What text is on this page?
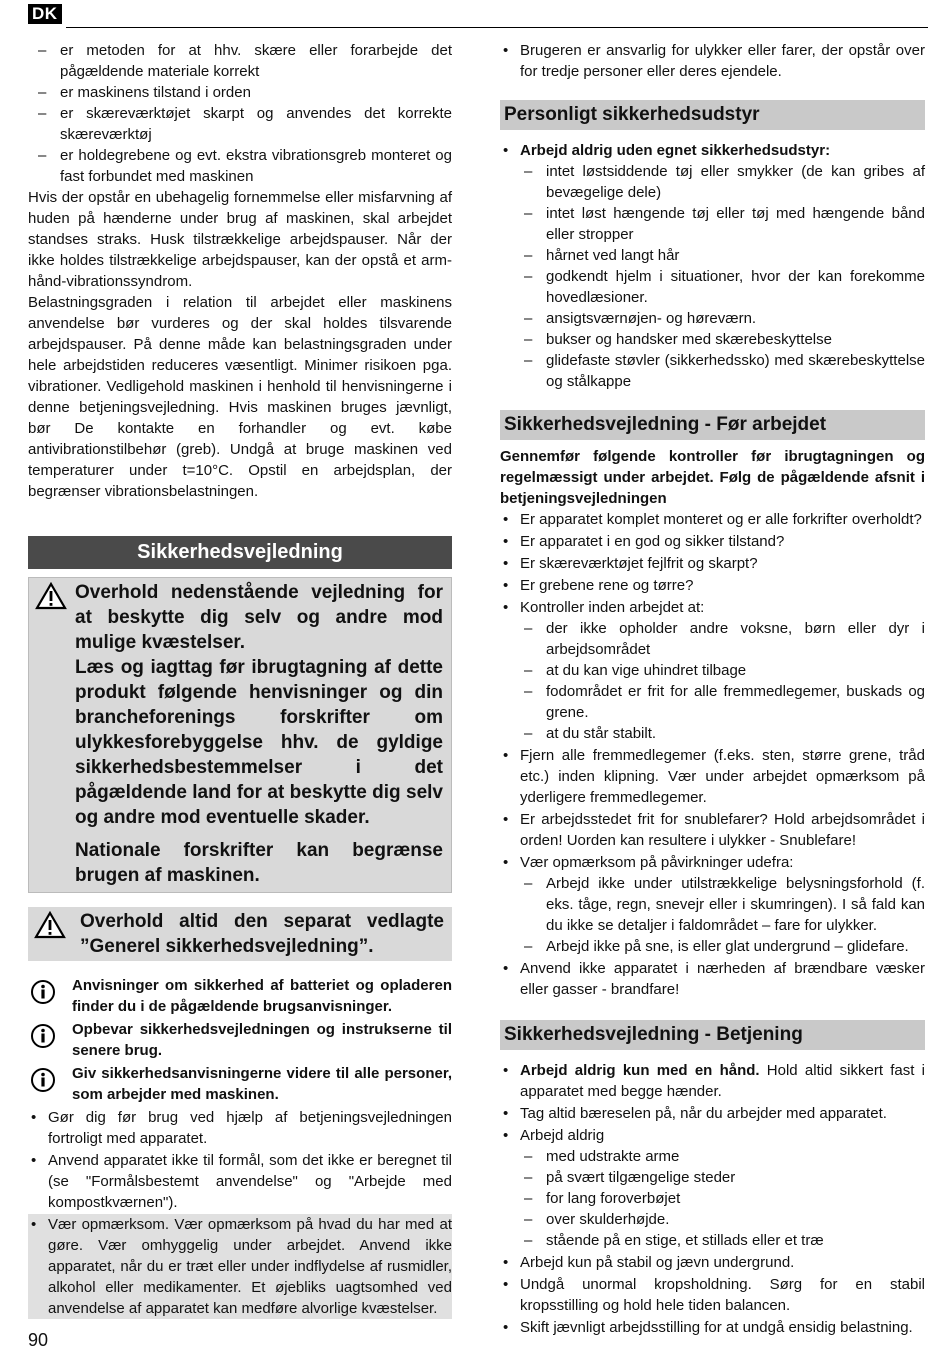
DK
– er metoden for at hhv. skære eller forarbejde det pågældende materiale korrekt
– er maskinens tilstand i orden
– er skæreværktøjet skarpt og anvendes det korrekte skæreværktøj
– er holdegrebene og evt. ekstra vibrationsgreb monteret og fast forbundet med maskinen

Hvis der opstår en ubehagelig fornemmelse eller misfarvning af huden på hænderne under brug af maskinen, skal arbejdet standses straks. Husk tilstrækkelige arbejdspauser. Når der ikke holdes tilstrækkelige arbejdspauser, kan der opstå et arm-hånd-vibrationssyndrom.

Belastningsgraden i relation til arbejdet eller maskinens anvendelse bør vurderes og der skal holdes tilsvarende arbejdspauser. På denne måde kan belastningsgraden under hele arbejdstiden reduceres væsentligt. Minimer risikoen pga. vibrationer. Vedligehold maskinen i henhold til henvisningerne i denne betjeningsvejledning. Hvis maskinen bruges jævnligt, bør De kontakte en forhandler og evt. købe antivibrationstilbehør (greb). Undgå at bruge maskinen ved temperaturer under t=10°C. Opstil en arbejdsplan, der begrænser vibrationsbelastningen.

Sikkerhedsvejledning

Overhold nedenstående vejledning for at beskytte dig selv og andre mod mulige kvæstelser.

Læs og iagttag før ibrugtagning af dette produkt følgende henvisninger og din brancheforenings forskrifter om ulykkesforebyggelse hhv. de gyldige sikkerhedsbestemmelser i det pågældende land for at beskytte dig selv og andre mod eventuelle skader.

Nationale forskrifter kan begrænse brugen af maskinen.

Overhold altid den separat vedlagte ”Generel sikkerhedsvejledning”.

Anvisninger om sikkerhed af batteriet og opladeren finder du i de pågældende brugsanvisninger.
Opbevar sikkerhedsvejledningen og instrukserne til senere brug.
Giv sikkerhedsanvisningerne videre til alle personer, som arbejder med maskinen.
• Gør dig før brug ved hjælp af betjeningsvejledningen fortroligt med apparatet.
• Anvend apparatet ikke til formål, som det ikke er beregnet til (se "Formålsbestemt anvendelse" og "Arbejde med kompostkværnen").
• Vær opmærksom. Vær opmærksom på hvad du har med at gøre. Vær omhyggelig under arbejdet. Anvend ikke apparatet, når du er træt eller under indflydelse af rusmidler, alkohol eller medikamenter. Et øjebliks uagtsomhed ved anvendelse af apparatet kan medføre alvorlige kvæstelser.
• Brugeren er ansvarlig for ulykker eller farer, der opstår over for tredje personer eller deres ejendele.
Personligt sikkerhedsudstyr
• Arbejd aldrig uden egnet sikkerhedsudstyr:
– intet løstsiddende tøj eller smykker (de kan gribes af bevægelige dele)
– intet løst hængende tøj eller tøj med hængende bånd eller stropper
– hårnet ved langt hår
– godkendt hjelm i situationer, hvor der kan forekomme hovedlæsioner.
– ansigtsværnøjen- og høreværn.
– bukser og handsker med skærebeskyttelse
– glidefaste støvler (sikkerhedssko) med skærebeskyttelse og stålkappe
Sikkerhedsvejledning - Før arbejdet

Gennemfør følgende kontroller før ibrugtagningen og regelmæssigt under arbejdet. Følg de pågældende afsnit i betjeningsvejledningen

• Er apparatet komplet monteret og er alle forkrifter overholdt?
• Er apparatet i en god og sikker tilstand?
• Er skæreværktøjet fejlfrit og skarpt?
• Er grebene rene og tørre?
• Kontroller inden arbejdet at:
– der ikke opholder andre voksne, børn eller dyr i arbejdsområdet
– at du kan vige uhindret tilbage
– fodområdet er frit for alle fremmedlegemer, buskads og grene.
– at du står stabilt.
• Fjern alle fremmedlegemer (f.eks. sten, større grene, tråd etc.) inden klipning. Vær under arbejdet opmærksom på yderligere fremmedlegemer.
• Er arbejdsstedet frit for snublefarer? Hold arbejdsområdet i orden! Uorden kan resultere i ulykker - Snublefare!
• Vær opmærksom på påvirkninger udefra:
– Arbejd ikke under utilstrækkelige belysningsforhold (f. eks. tåge, regn, snevejr eller i skumringen). I så fald kan du ikke se detaljer i faldområdet – fare for ulykker.
– Arbejd ikke på sne, is eller glat undergrund – glidefare.
• Anvend ikke apparatet i nærheden af brændbare væsker eller gasser - brandfare!
Sikkerhedsvejledning - Betjening
• Arbejd aldrig kun med en hånd. Hold altid sikkert fast i apparatet med begge hænder.
• Tag altid bæreselen på, når du arbejder med apparatet.
• Arbejd aldrig
– med udstrakte arme
– på svært tilgængelige steder
– for lang foroverbøjet
– over skulderhøjde.
– stående på en stige, et stillads eller et træ
• Arbejd kun på stabil og jævn undergrund.
• Undgå unormal kropsholdning. Sørg for en stabil kropsstilling og hold hele tiden balancen.
• Skift jævnligt arbejdsstilling for at undgå ensidig belastning.
90
